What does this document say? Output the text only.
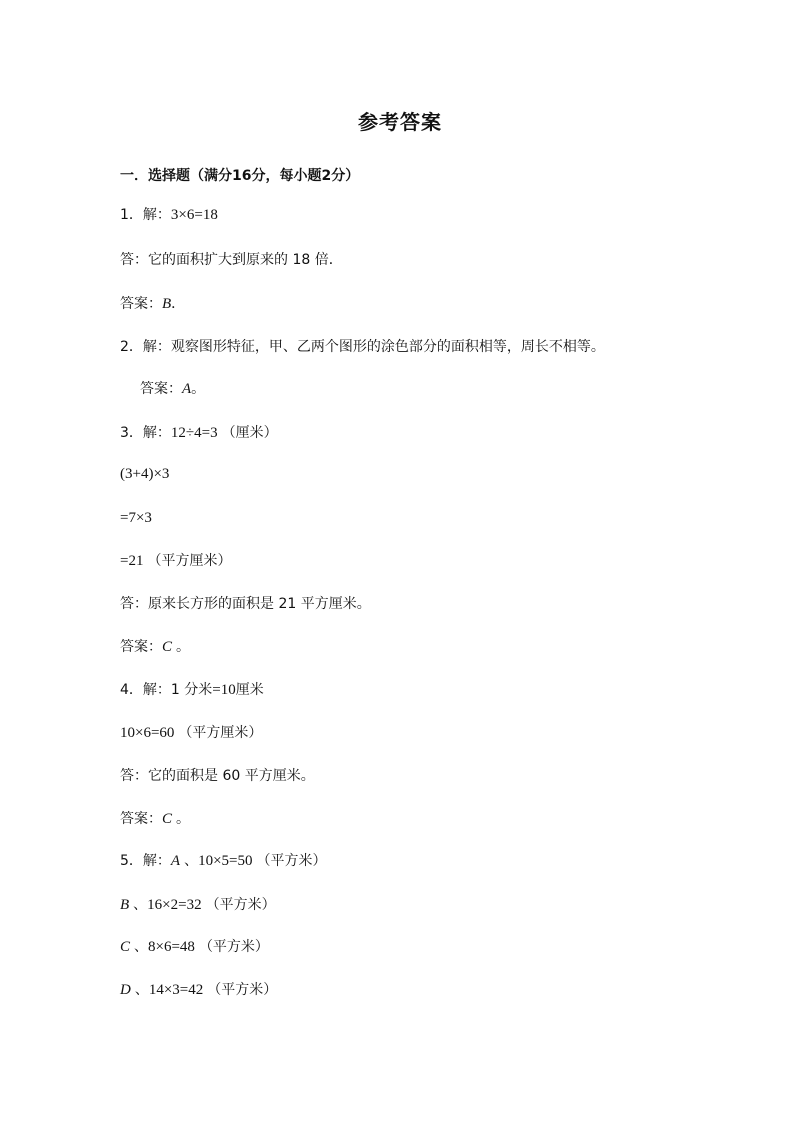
参考答案
一．选择题（满分16分，每小题2分）
1．解：3×6=18
答：它的面积扩大到原来的 18 倍．
答案：B．
2．解：观察图形特征，甲、乙两个图形的涂色部分的面积相等，周长不相等。
答案：A。
3．解：12÷4=3 （厘米）
(3+4)×3
=7×3
=21 （平方厘米）
答：原来长方形的面积是 21 平方厘米。
答案：C 。
4．解：1 分米=10厘米
10×6=60 （平方厘米）
答：它的面积是 60 平方厘米。
答案：C 。
5．解：A 、10×5=50 （平方米）
B 、16×2=32 （平方米）
C 、8×6=48 （平方米）
D 、14×3=42 （平方米）
